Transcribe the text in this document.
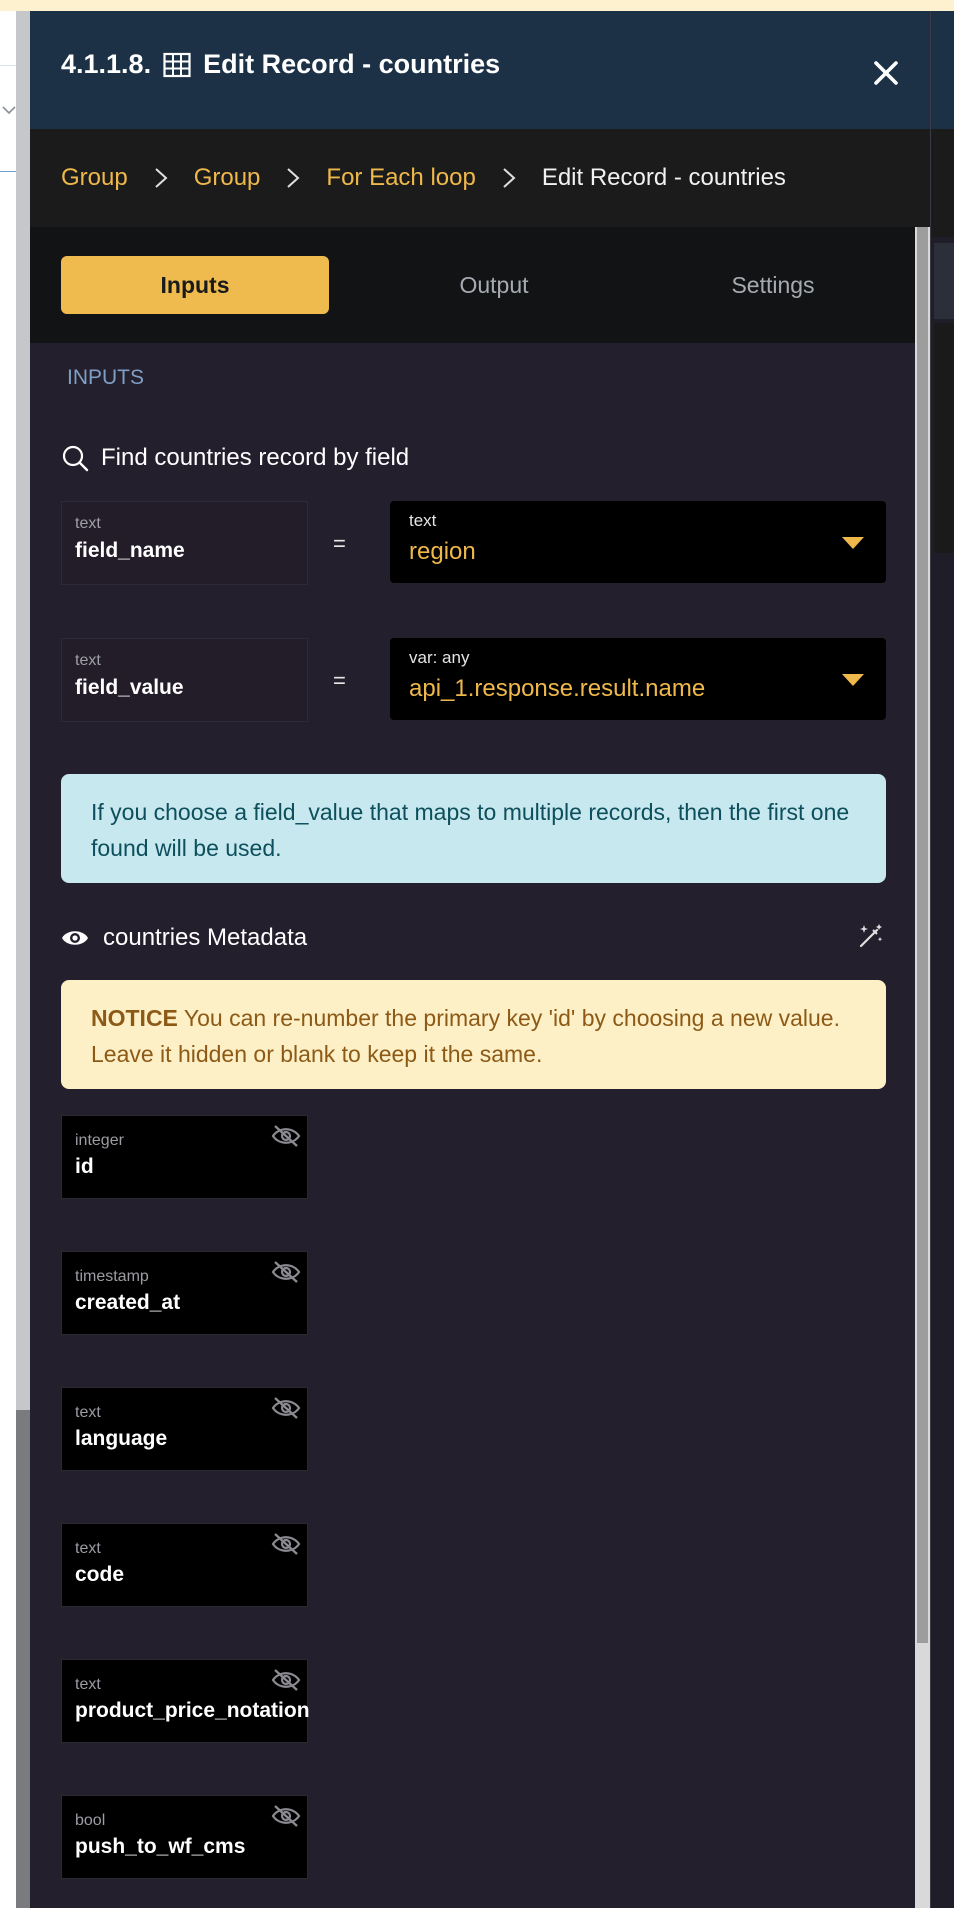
4.1.1.8. Edit Record - countries
Group	Group	For Each loop	Edit Record - countries
Inputs	Output	Settings
INPUTS
Find countries record by field
text
field_name	=
text
region
text
field_value	=
var: any
api_1.response.result.name
If you choose a field_value that maps to multiple records, then the first one found will be used.
countries Metadata
NOTICE You can re-number the primary key 'id' by choosing a new value. Leave it hidden or blank to keep it the same.
integer
id
timestamp
created_at
text
language
text
code
text
product_price_notation
bool
push_to_wf_cms
